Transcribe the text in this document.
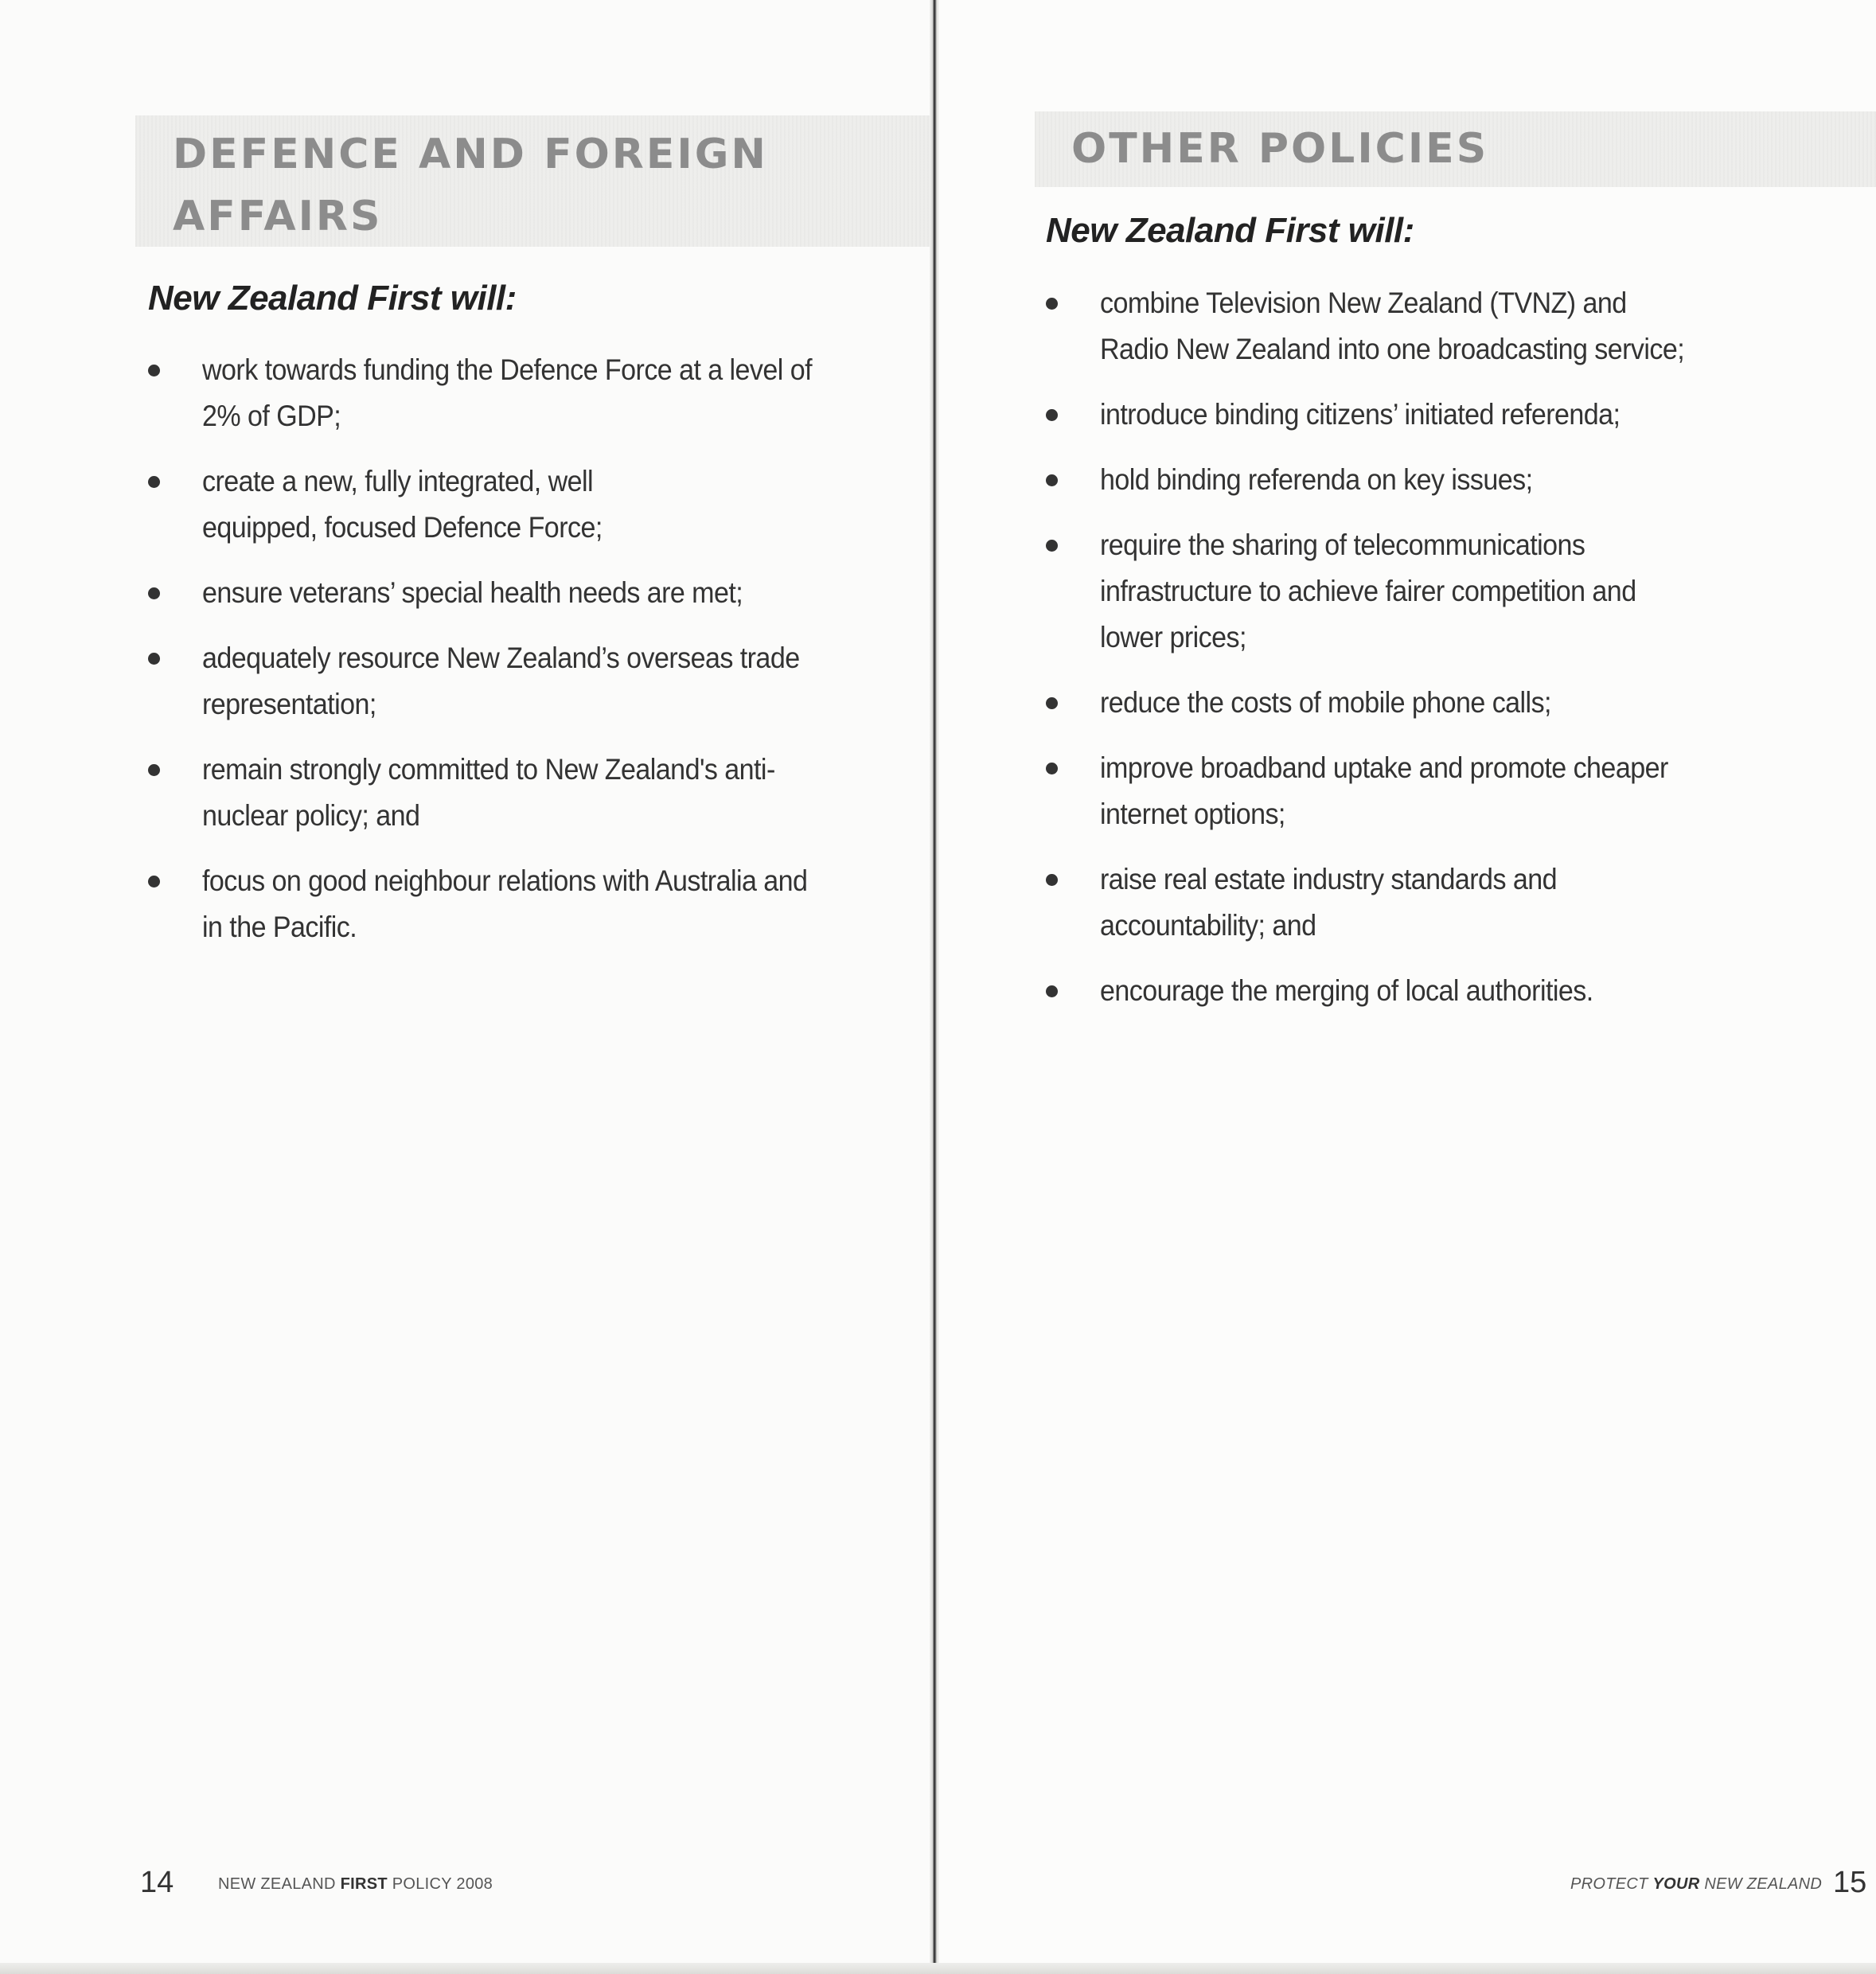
DEFENCE AND FOREIGN
AFFAIRS
New Zealand First will:
work towards funding the Defence Force at a level of 2% of GDP;
create a new, fully integrated, well equipped, focused Defence Force;
ensure veterans’ special health needs are met;
adequately resource New Zealand’s overseas trade representation;
remain strongly committed to New Zealand's anti-nuclear policy; and
focus on good neighbour relations with Australia and in the Pacific.
14	NEW ZEALAND FIRST POLICY 2008
OTHER POLICIES
New Zealand First will:
combine Television New Zealand (TVNZ) and Radio New Zealand into one broadcasting service;
introduce binding citizens’ initiated referenda;
hold binding referenda on key issues;
require the sharing of telecommunications infrastructure to achieve fairer competition and lower prices;
reduce the costs of mobile phone calls;
improve broadband uptake and promote cheaper internet options;
raise real estate industry standards and accountability; and
encourage the merging of local authorities.
PROTECT YOUR NEW ZEALAND 15
